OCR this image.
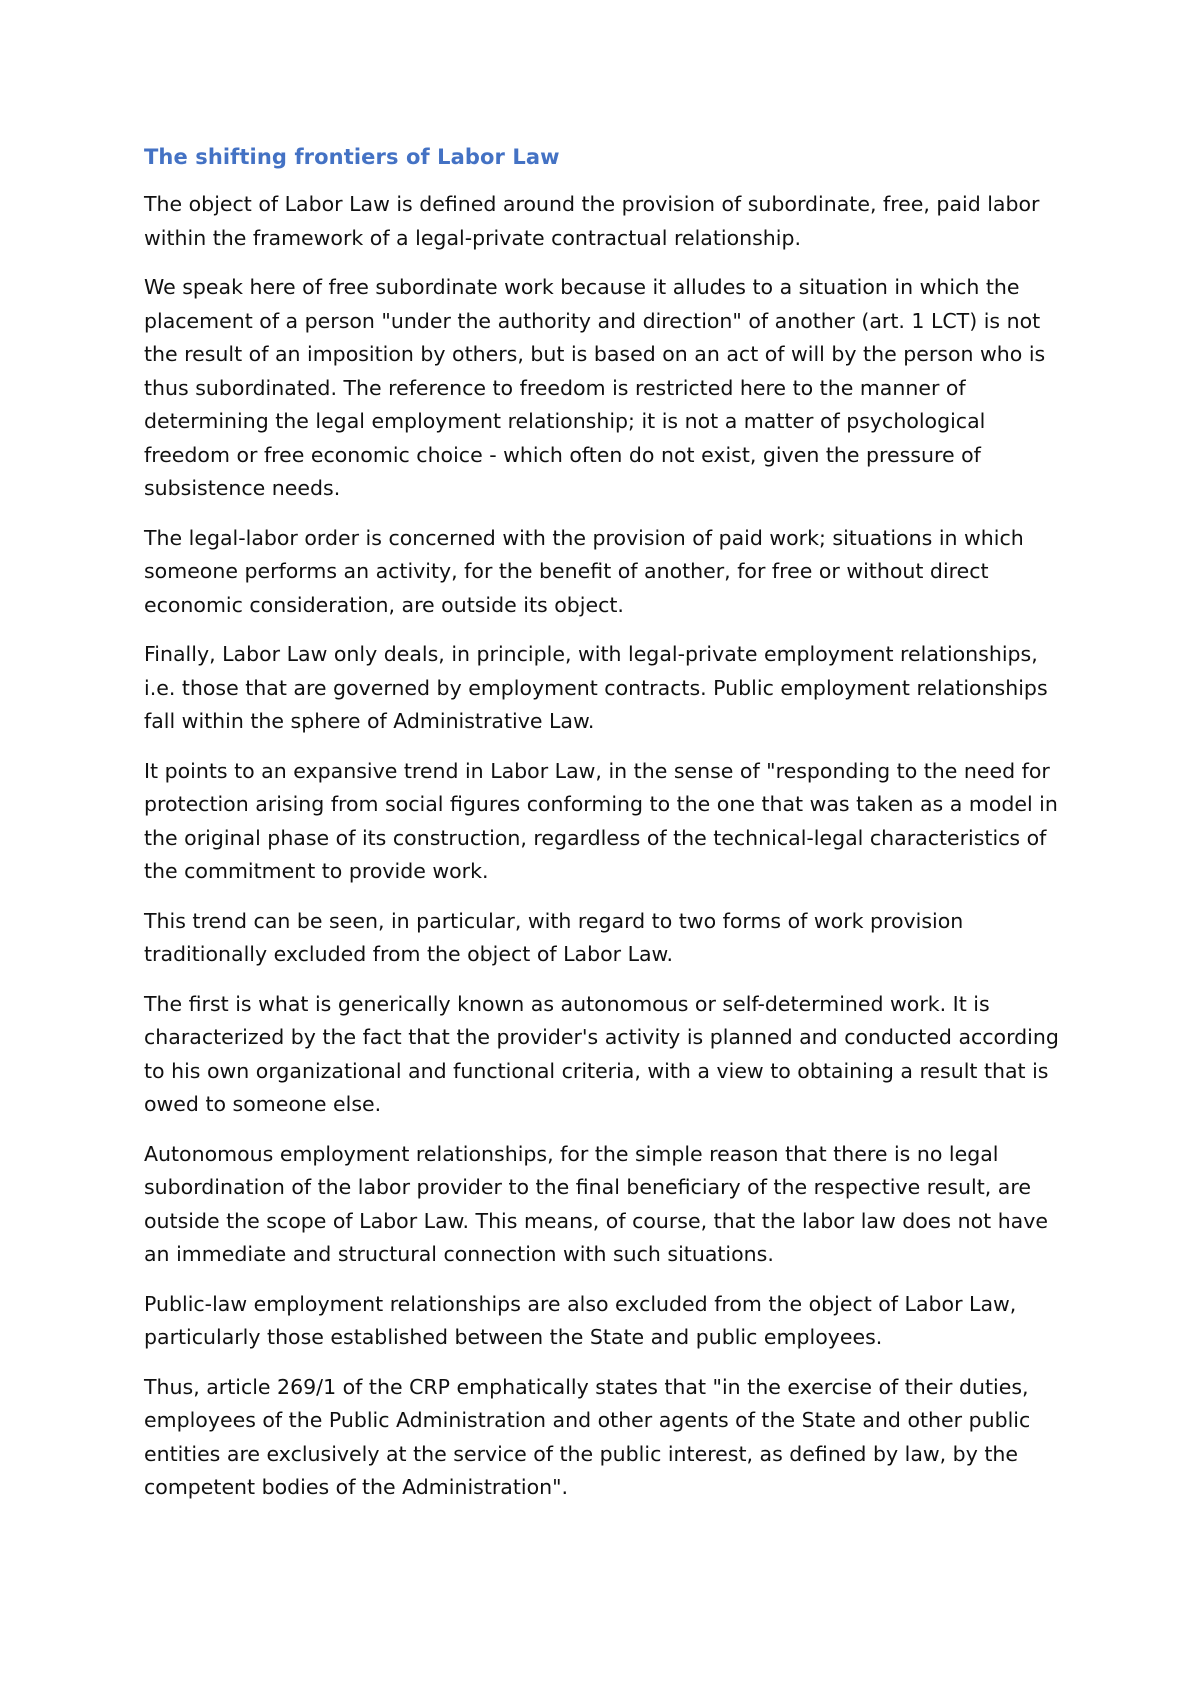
The shifting frontiers of Labor Law

The object of Labor Law is defined around the provision of subordinate, free, paid labor within the framework of a legal-private contractual relationship.

We speak here of free subordinate work because it alludes to a situation in which the placement of a person "under the authority and direction" of another (art. 1 LCT) is not the result of an imposition by others, but is based on an act of will by the person who is thus subordinated. The reference to freedom is restricted here to the manner of determining the legal employment relationship; it is not a matter of psychological freedom or free economic choice - which often do not exist, given the pressure of subsistence needs.

The legal-labor order is concerned with the provision of paid work; situations in which someone performs an activity, for the benefit of another, for free or without direct economic consideration, are outside its object.

Finally, Labor Law only deals, in principle, with legal-private employment relationships, i.e. those that are governed by employment contracts. Public employment relationships fall within the sphere of Administrative Law.

It points to an expansive trend in Labor Law, in the sense of "responding to the need for protection arising from social figures conforming to the one that was taken as a model in the original phase of its construction, regardless of the technical-legal characteristics of the commitment to provide work.

This trend can be seen, in particular, with regard to two forms of work provision traditionally excluded from the object of Labor Law.

The first is what is generically known as autonomous or self-determined work. It is characterized by the fact that the provider's activity is planned and conducted according to his own organizational and functional criteria, with a view to obtaining a result that is owed to someone else.

Autonomous employment relationships, for the simple reason that there is no legal subordination of the labor provider to the final beneficiary of the respective result, are outside the scope of Labor Law. This means, of course, that the labor law does not have an immediate and structural connection with such situations.

Public-law employment relationships are also excluded from the object of Labor Law, particularly those established between the State and public employees.

Thus, article 269/1 of the CRP emphatically states that "in the exercise of their duties, employees of the Public Administration and other agents of the State and other public entities are exclusively at the service of the public interest, as defined by law, by the competent bodies of the Administration".
